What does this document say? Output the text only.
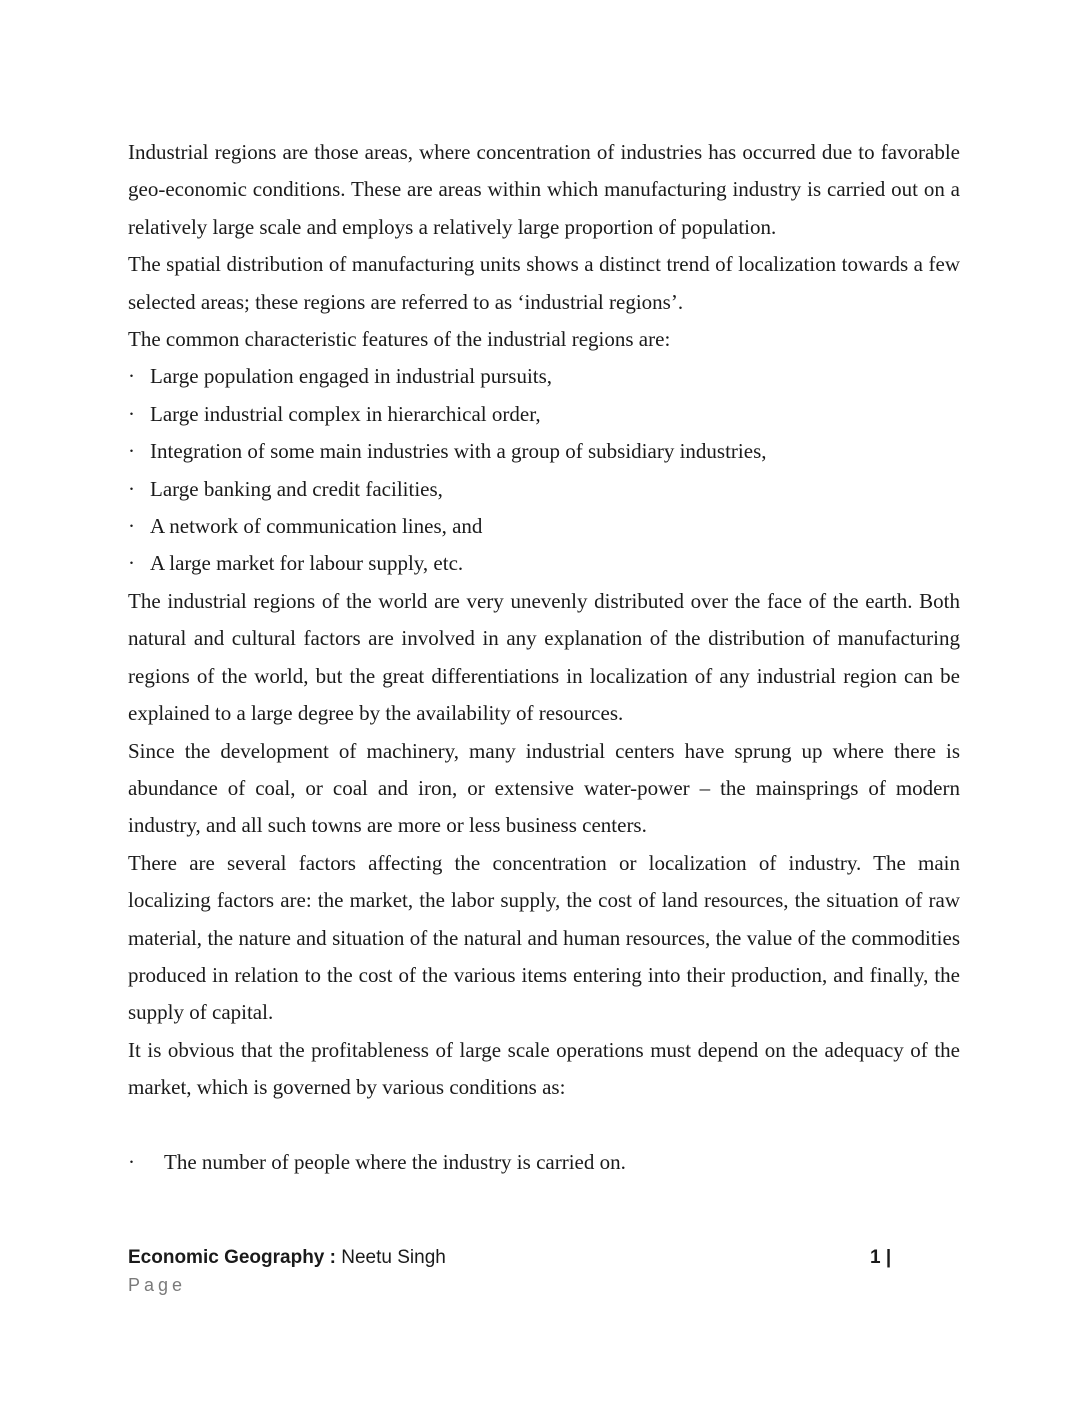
Industrial regions are those areas, where concentration of industries has occurred due to favorable geo-economic conditions. These are areas within which manufacturing industry is carried out on a relatively large scale and employs a relatively large proportion of population.

The spatial distribution of manufacturing units shows a distinct trend of localization towards a few selected areas; these regions are referred to as ‘industrial regions’.

The common characteristic features of the industrial regions are:

· Large population engaged in industrial pursuits,
· Large industrial complex in hierarchical order,
· Integration of some main industries with a group of subsidiary industries,
· Large banking and credit facilities,
· A network of communication lines, and
· A large market for labour supply, etc.

The industrial regions of the world are very unevenly distributed over the face of the earth. Both natural and cultural factors are involved in any explanation of the distribution of manufacturing regions of the world, but the great differentiations in localization of any industrial region can be explained to a large degree by the availability of resources.

Since the development of machinery, many industrial centers have sprung up where there is abundance of coal, or coal and iron, or extensive water-power – the mainsprings of modern industry, and all such towns are more or less business centers.

There are several factors affecting the concentration or localization of industry. The main localizing factors are: the market, the labor supply, the cost of land resources, the situation of raw material, the nature and situation of the natural and human resources, the value of the commodities produced in relation to the cost of the various items entering into their production, and finally, the supply of capital.

It is obvious that the profitableness of large scale operations must depend on the adequacy of the market, which is governed by various conditions as:

·	The number of people where the industry is carried on.
Economic Geography : Neetu Singh	1 |
Page
